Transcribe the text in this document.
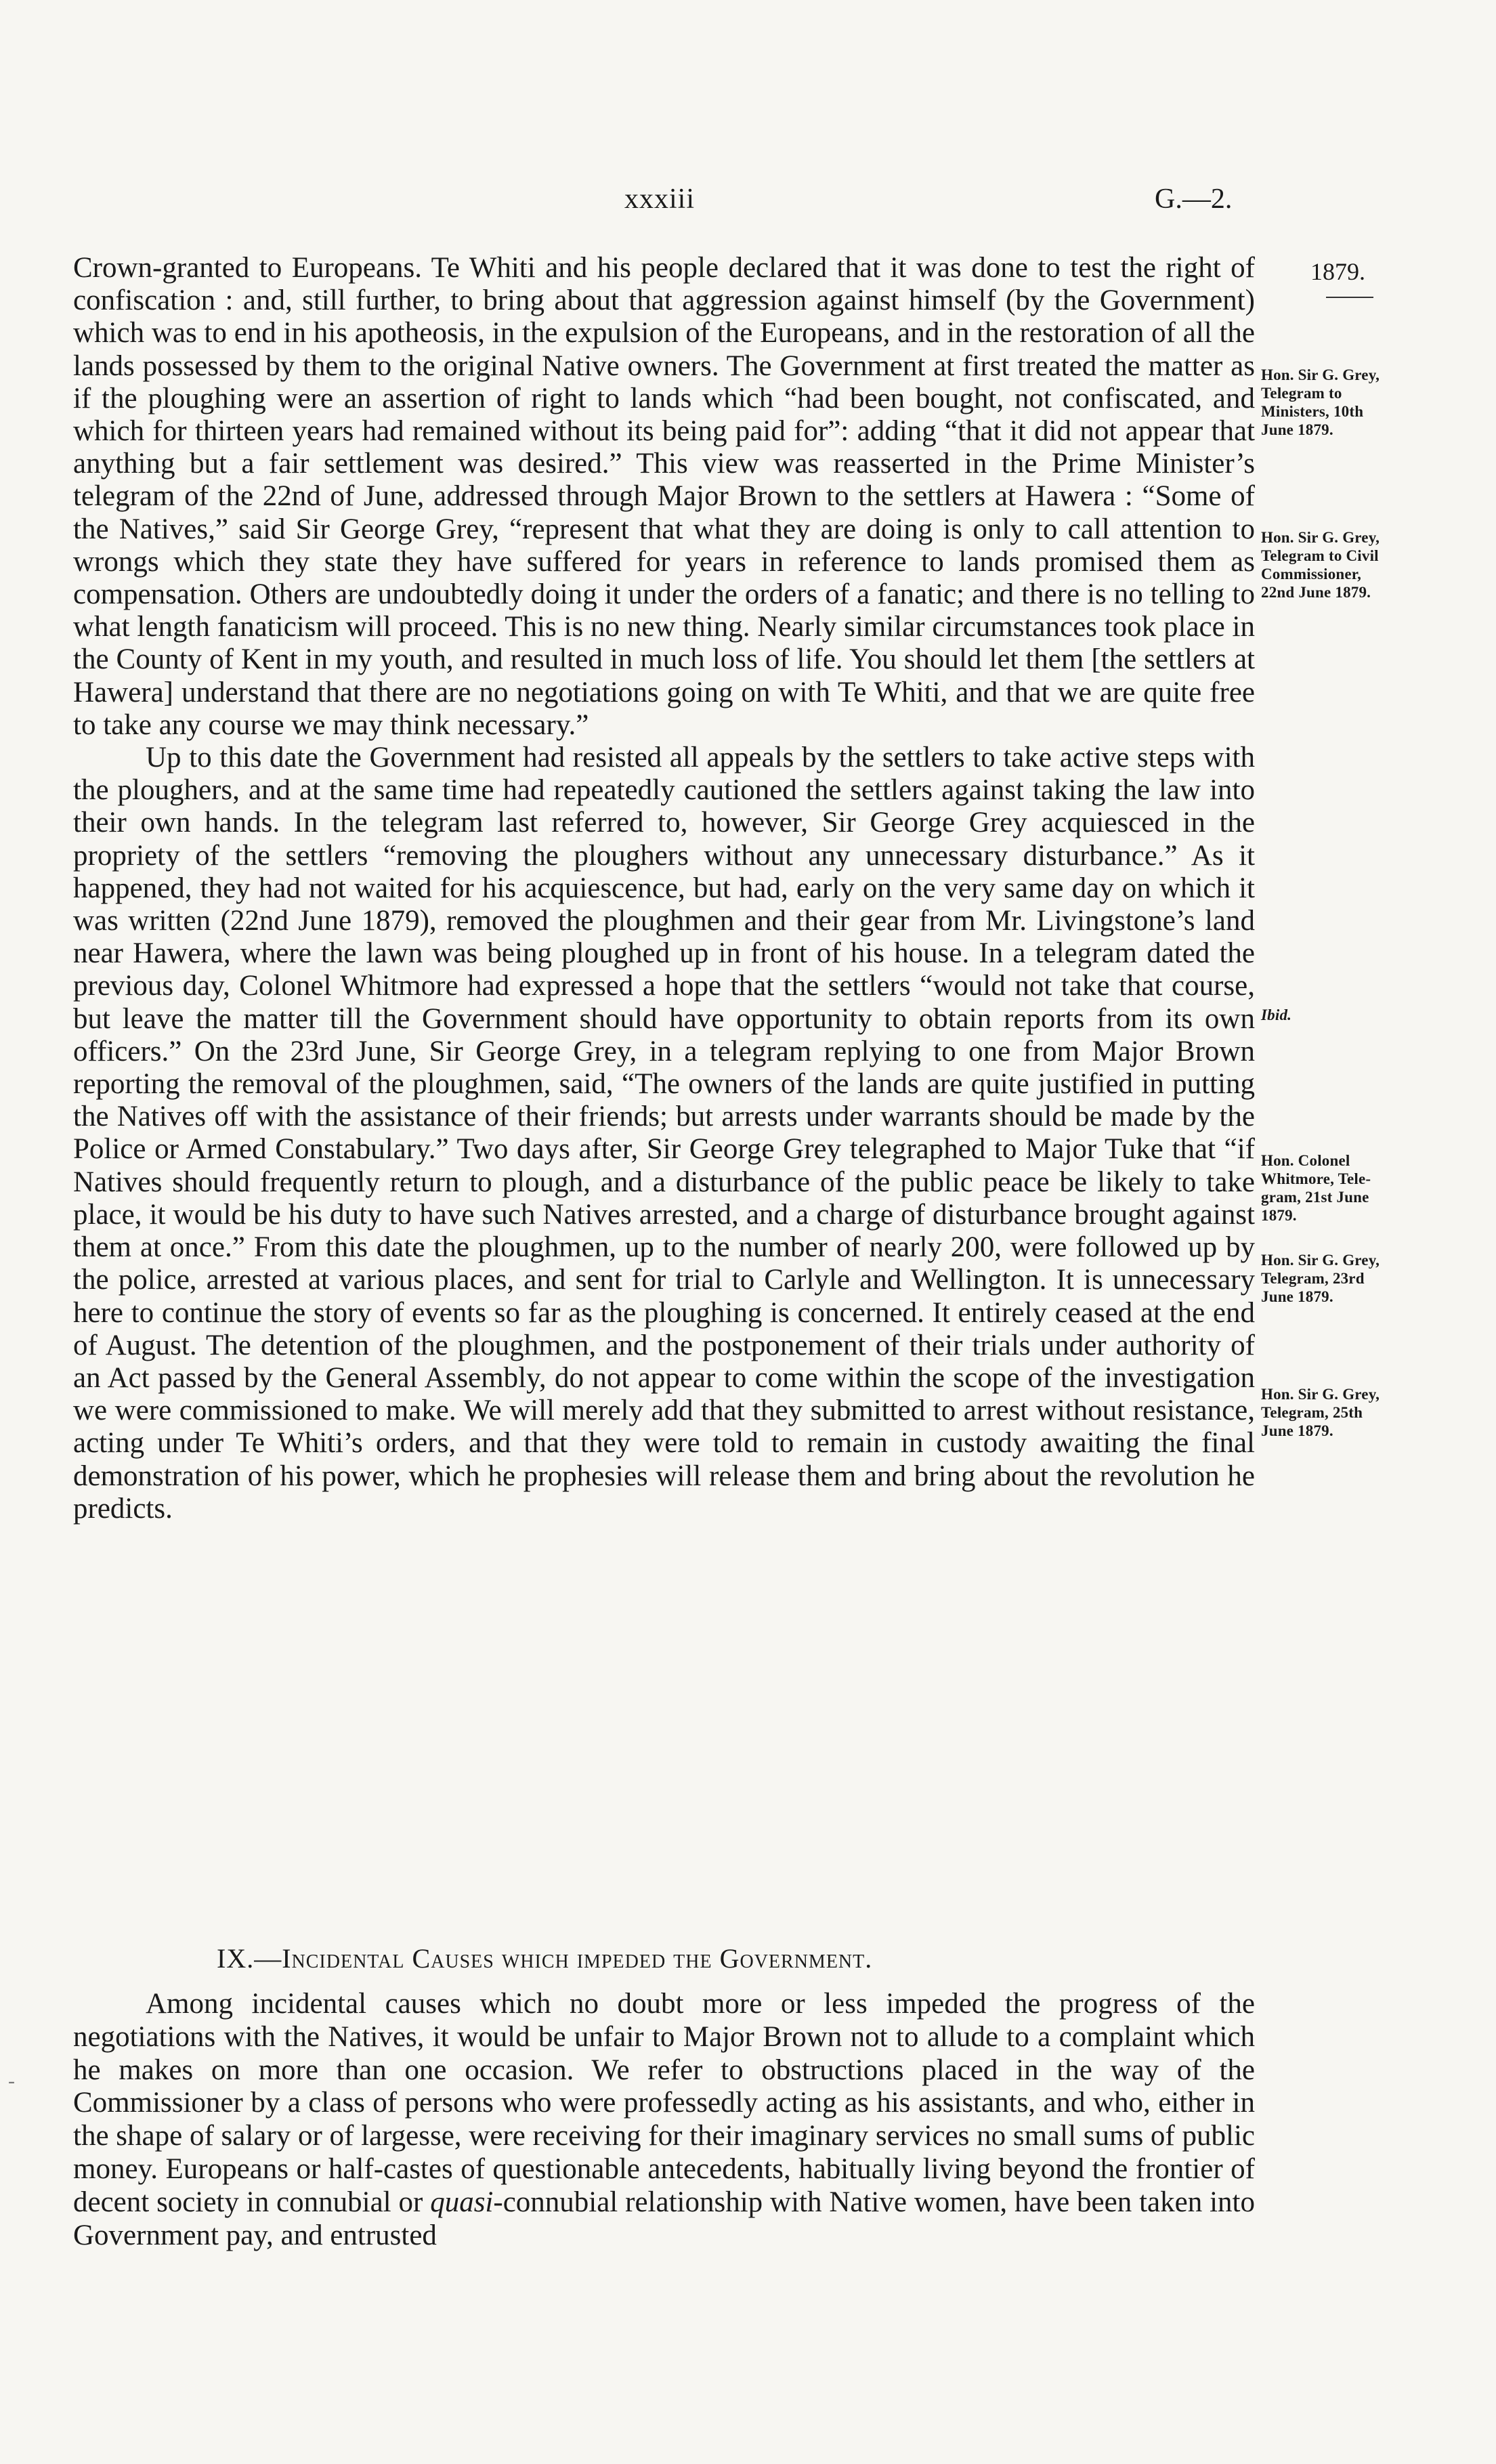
xxxiii	G.—2.
1879.

Crown-granted to Europeans. Te Whiti and his people declared that it was done to test the right of confiscation : and, still further, to bring about that aggression against himself (by the Government) which was to end in his apotheosis, in the expulsion of the Europeans, and in the restoration of all the lands possessed by them to the original Native owners. The Government at first treated the matter as if the ploughing were an assertion of right to lands which “had been bought, not confiscated, and which for thirteen years had remained without its being paid for”: adding “that it did not appear that anything but a fair settlement was desired.” This view was reasserted in the Prime Minister’s telegram of the 22nd of June, addressed through Major Brown to the settlers at Hawera : “Some of the Natives,” said Sir George Grey, “represent that what they are doing is only to call attention to wrongs which they state they have suffered for years in reference to lands promised them as compensation. Others are undoubtedly doing it under the orders of a fanatic; and there is no telling to what length fanaticism will proceed. This is no new thing. Nearly similar circumstances took place in the County of Kent in my youth, and resulted in much loss of life. You should let them [the settlers at Hawera] understand that there are no negotiations going on with Te Whiti, and that we are quite free to take any course we may think necessary.”

Up to this date the Government had resisted all appeals by the settlers to take active steps with the ploughers, and at the same time had repeatedly cautioned the settlers against taking the law into their own hands. In the telegram last referred to, however, Sir George Grey acquiesced in the propriety of the settlers “removing the ploughers without any unnecessary disturbance.” As it happened, they had not waited for his acquiescence, but had, early on the very same day on which it was written (22nd June 1879), removed the ploughmen and their gear from Mr. Livingstone’s land near Hawera, where the lawn was being ploughed up in front of his house. In a telegram dated the previous day, Colonel Whitmore had expressed a hope that the settlers “would not take that course, but leave the matter till the Government should have opportunity to obtain reports from its own officers.” On the 23rd June, Sir George Grey, in a telegram replying to one from Major Brown reporting the removal of the ploughmen, said, “The owners of the lands are quite justified in putting the Natives off with the assistance of their friends; but arrests under warrants should be made by the Police or Armed Constabulary.” Two days after, Sir George Grey telegraphed to Major Tuke that “if Natives should frequently return to plough, and a disturbance of the public peace be likely to take place, it would be his duty to have such Natives arrested, and a charge of disturbance brought against them at once.” From this date the ploughmen, up to the number of nearly 200, were followed up by the police, arrested at various places, and sent for trial to Carlyle and Wellington. It is unnecessary here to continue the story of events so far as the ploughing is concerned. It entirely ceased at the end of August. The detention of the ploughmen, and the postponement of their trials under authority of an Act passed by the General Assembly, do not appear to come within the scope of the investigation we were commissioned to make. We will merely add that they submitted to arrest without resistance, acting under Te Whiti’s orders, and that they were told to remain in custody awaiting the final demonstration of his power, which he prophesies will release them and bring about the revolution he predicts.

IX.—Incidental Causes which impeded the Government.

Among incidental causes which no doubt more or less impeded the progress of the negotiations with the Natives, it would be unfair to Major Brown not to allude to a complaint which he makes on more than one occasion. We refer to obstructions placed in the way of the Commissioner by a class of persons who were professedly acting as his assistants, and who, either in the shape of salary or of largesse, were receiving for their imaginary services no small sums of public money. Europeans or half-castes of questionable antecedents, habitually living beyond the frontier of decent society in connubial or quasi-connubial relationship with Native women, have been taken into Government pay, and entrusted

Hon. Sir G. Grey,
Telegram to
Ministers, 10th
June 1879.
Hon. Sir G. Grey,
Telegram to Civil
Commissioner,
22nd June 1879.
Ibid.
Hon. Colonel
Whitmore, Tele-
gram, 21st June
1879.
Hon. Sir G. Grey,
Telegram, 23rd
June 1879.
Hon. Sir G. Grey,
Telegram, 25th
June 1879.
-
